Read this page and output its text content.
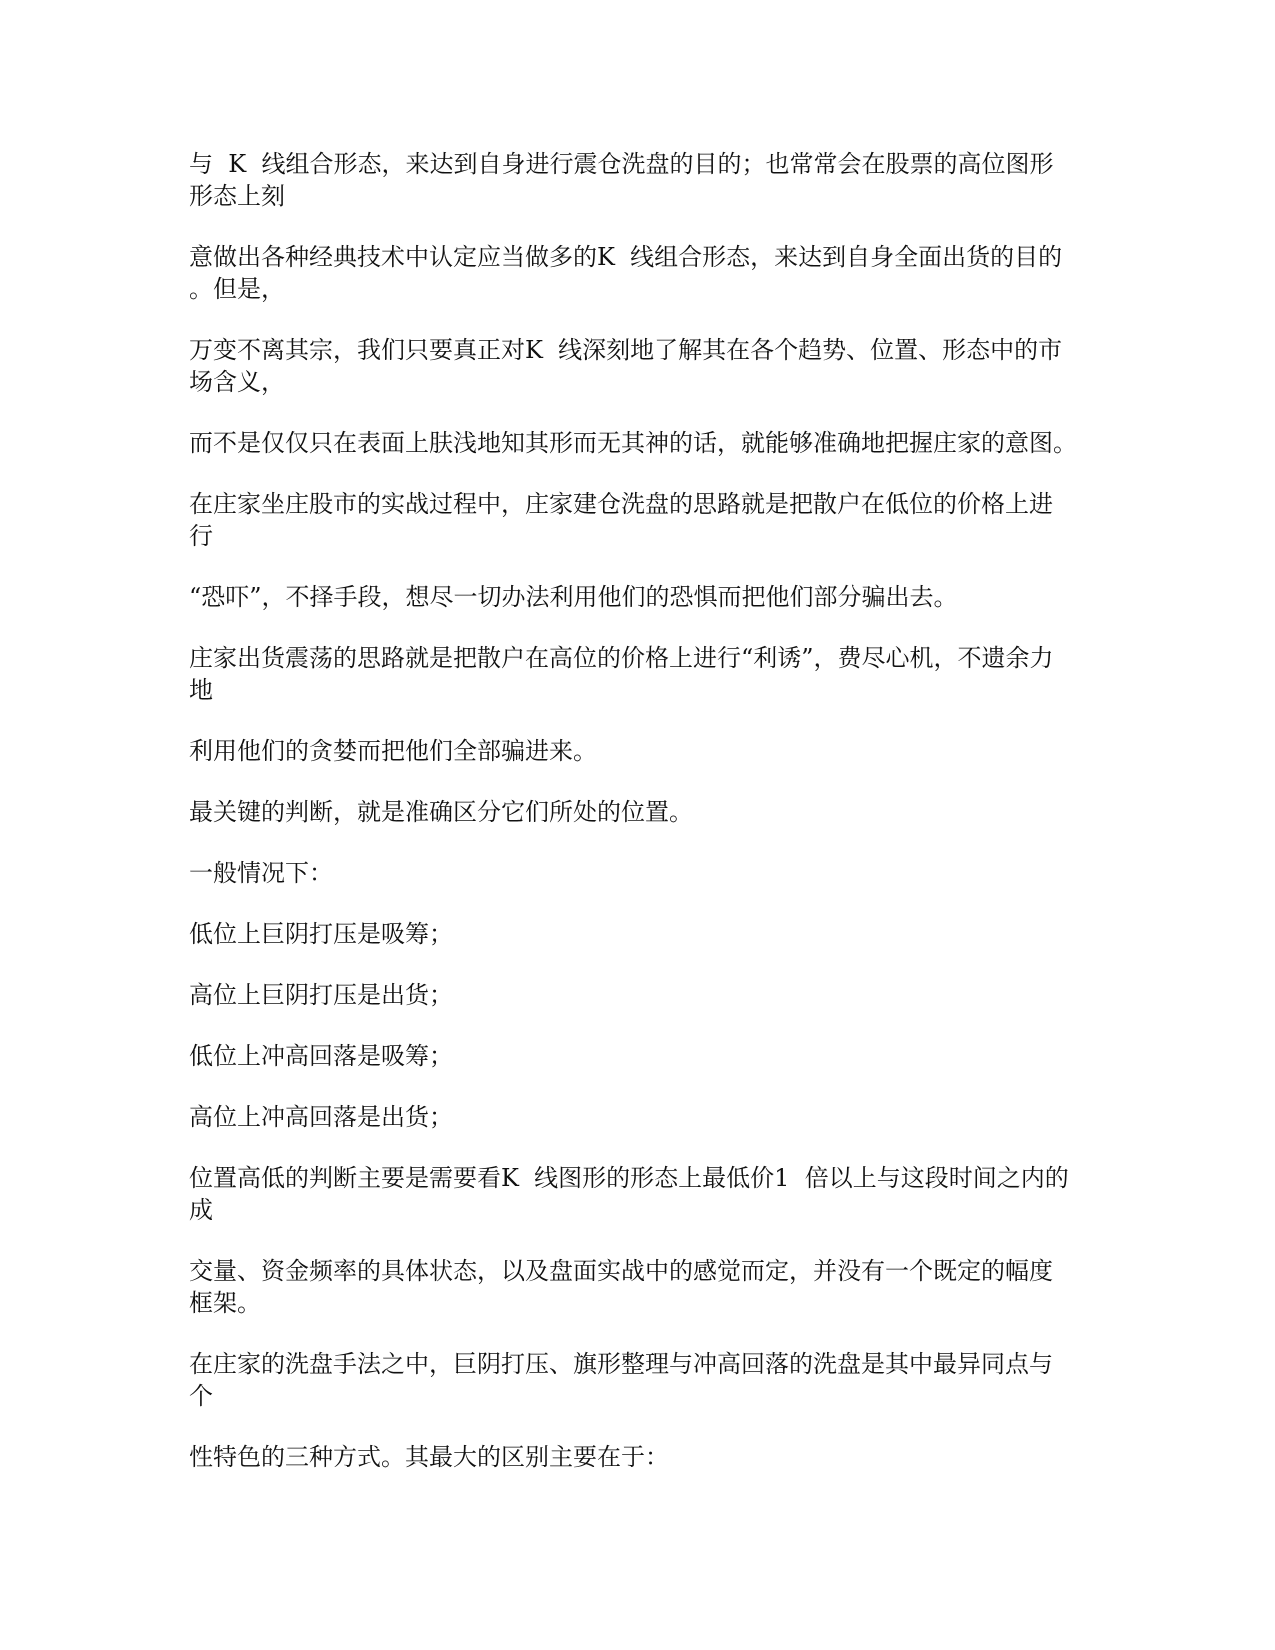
与  K  线组合形态，来达到自身进行震仓洗盘的目的；也常常会在股票的高位图形
形态上刻

意做出各种经典技术中认定应当做多的K  线组合形态，来达到自身全面出货的目的
。但是，

万变不离其宗，我们只要真正对K  线深刻地了解其在各个趋势、位置、形态中的市
场含义，

而不是仅仅只在表面上肤浅地知其形而无其神的话，就能够准确地把握庄家的意图。

在庄家坐庄股市的实战过程中，庄家建仓洗盘的思路就是把散户在低位的价格上进
行

“恐吓”，不择手段，想尽一切办法利用他们的恐惧而把他们部分骗出去。

庄家出货震荡的思路就是把散户在高位的价格上进行“利诱”，费尽心机，不遗余力
地

利用他们的贪婪而把他们全部骗进来。

最关键的判断，就是准确区分它们所处的位置。

一般情况下：

低位上巨阴打压是吸筹；

高位上巨阴打压是出货；

低位上冲高回落是吸筹；

高位上冲高回落是出货；

位置高低的判断主要是需要看K  线图形的形态上最低价1  倍以上与这段时间之内的
成

交量、资金频率的具体状态，以及盘面实战中的感觉而定，并没有一个既定的幅度
框架。

在庄家的洗盘手法之中，巨阴打压、旗形整理与冲高回落的洗盘是其中最异同点与
个

性特色的三种方式。其最大的区别主要在于：
